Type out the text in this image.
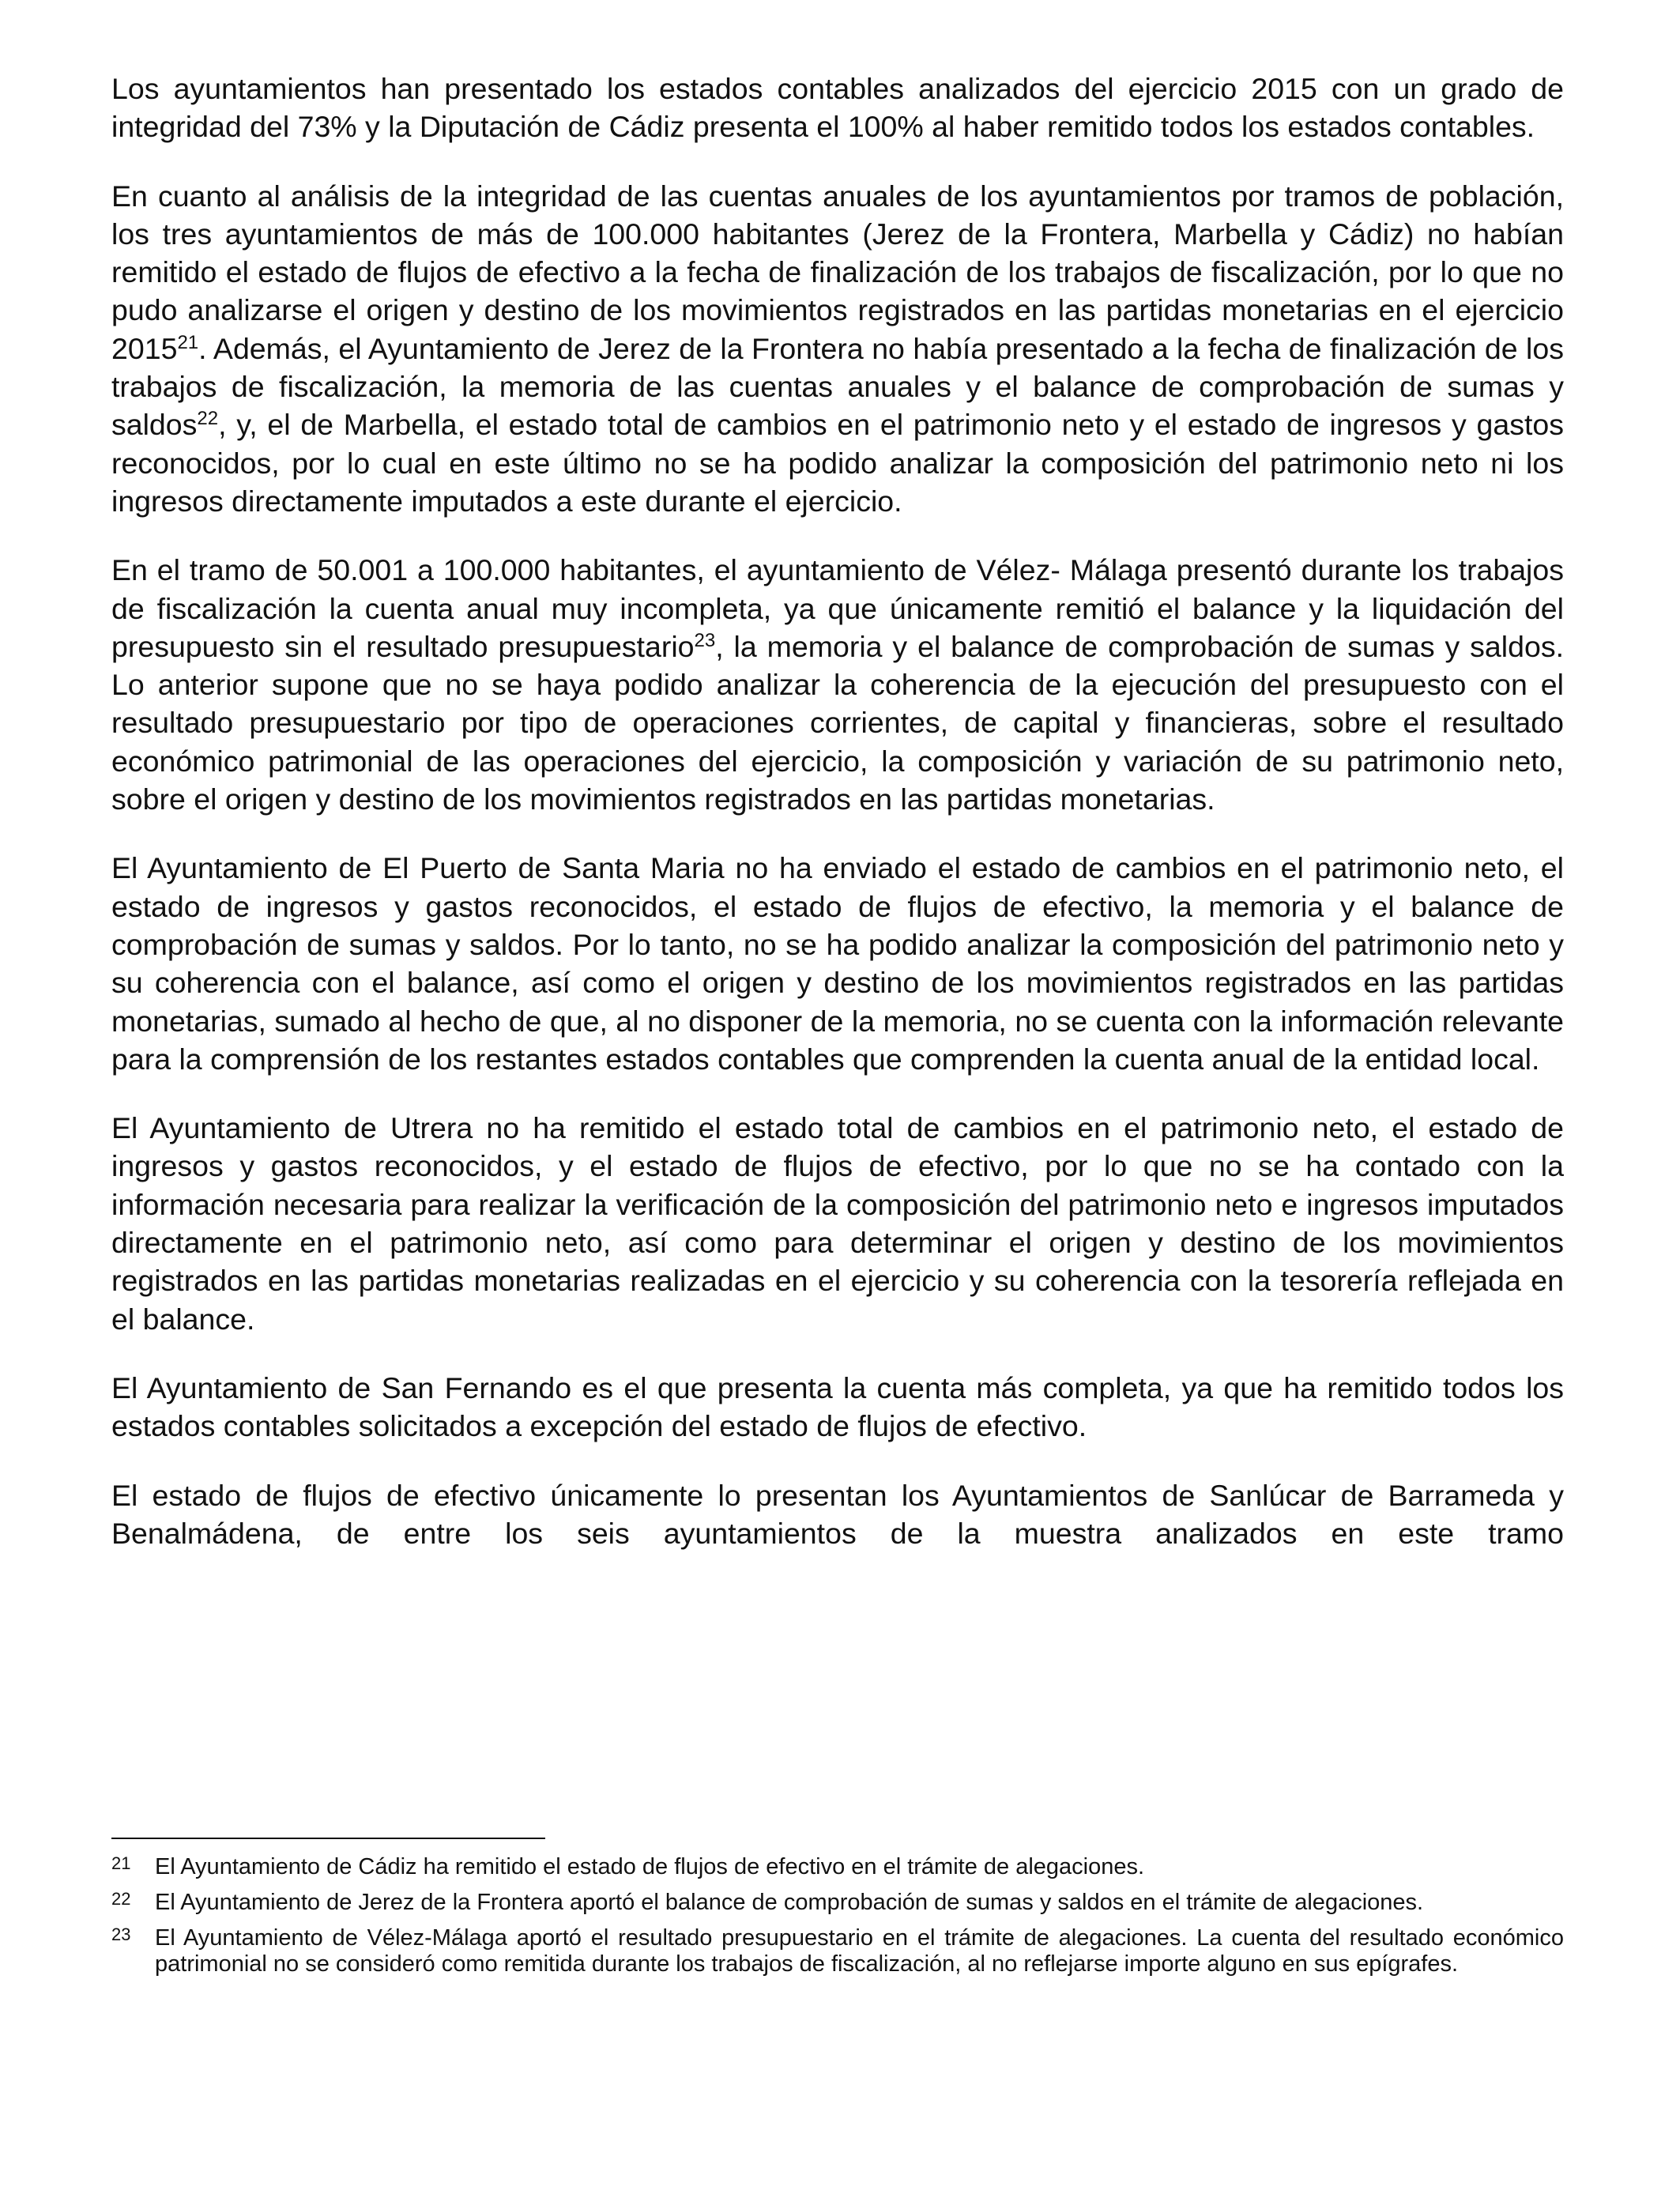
Los ayuntamientos han presentado los estados contables analizados del ejercicio 2015 con un grado de integridad del 73% y la Diputación de Cádiz presenta el 100% al haber remitido todos los estados contables.

En cuanto al análisis de la integridad de las cuentas anuales de los ayuntamientos por tramos de población, los tres ayuntamientos de más de 100.000 habitantes (Jerez de la Frontera, Marbella y Cádiz) no habían remitido el estado de flujos de efectivo a la fecha de finalización de los trabajos de fiscalización, por lo que no pudo analizarse el origen y destino de los movimientos registrados en las partidas monetarias en el ejercicio 2015$^{21}$. Además, el Ayuntamiento de Jerez de la Frontera no había presentado a la fecha de finalización de los trabajos de fiscalización, la memoria de las cuentas anuales y el balance de comprobación de sumas y saldos$^{22}$, y, el de Marbella, el estado total de cambios en el patrimonio neto y el estado de ingresos y gastos reconocidos, por lo cual en este último no se ha podido analizar la composición del patrimonio neto ni los ingresos directamente imputados a este durante el ejercicio.

En el tramo de 50.001 a 100.000 habitantes, el ayuntamiento de Vélez- Málaga presentó durante los trabajos de fiscalización la cuenta anual muy incompleta, ya que únicamente remitió el balance y la liquidación del presupuesto sin el resultado presupuestario$^{23}$, la memoria y el balance de comprobación de sumas y saldos. Lo anterior supone que no se haya podido analizar la coherencia de la ejecución del presupuesto con el resultado presupuestario por tipo de operaciones corrientes, de capital y financieras, sobre el resultado económico patrimonial de las operaciones del ejercicio, la composición y variación de su patrimonio neto, sobre el origen y destino de los movimientos registrados en las partidas monetarias.

El Ayuntamiento de El Puerto de Santa Maria no ha enviado el estado de cambios en el patrimonio neto, el estado de ingresos y gastos reconocidos, el estado de flujos de efectivo, la memoria y el balance de comprobación de sumas y saldos. Por lo tanto, no se ha podido analizar la composición del patrimonio neto y su coherencia con el balance, así como el origen y destino de los movimientos registrados en las partidas monetarias, sumado al hecho de que, al no disponer de la memoria, no se cuenta con la información relevante para la comprensión de los restantes estados contables que comprenden la cuenta anual de la entidad local.

El Ayuntamiento de Utrera no ha remitido el estado total de cambios en el patrimonio neto, el estado de ingresos y gastos reconocidos, y el estado de flujos de efectivo, por lo que no se ha contado con la información necesaria para realizar la verificación de la composición del patrimonio neto e ingresos imputados directamente en el patrimonio neto, así como para determinar el origen y destino de los movimientos registrados en las partidas monetarias realizadas en el ejercicio y su coherencia con la tesorería reflejada en el balance.

El Ayuntamiento de San Fernando es el que presenta la cuenta más completa, ya que ha remitido todos los estados contables solicitados a excepción del estado de flujos de efectivo.

El estado de flujos de efectivo únicamente lo presentan los Ayuntamientos de Sanlúcar de Barrameda y Benalmádena, de entre los seis ayuntamientos de la muestra analizados en este tramo

21	El Ayuntamiento de Cádiz ha remitido el estado de flujos de efectivo en el trámite de alegaciones.
22	El Ayuntamiento de Jerez de la Frontera aportó el balance de comprobación de sumas y saldos en el trámite de alegaciones.
23	El Ayuntamiento de Vélez-Málaga aportó el resultado presupuestario en el trámite de alegaciones. La cuenta del resultado económico patrimonial no se consideró como remitida durante los trabajos de fiscalización, al no reflejarse importe alguno en sus epígrafes.
